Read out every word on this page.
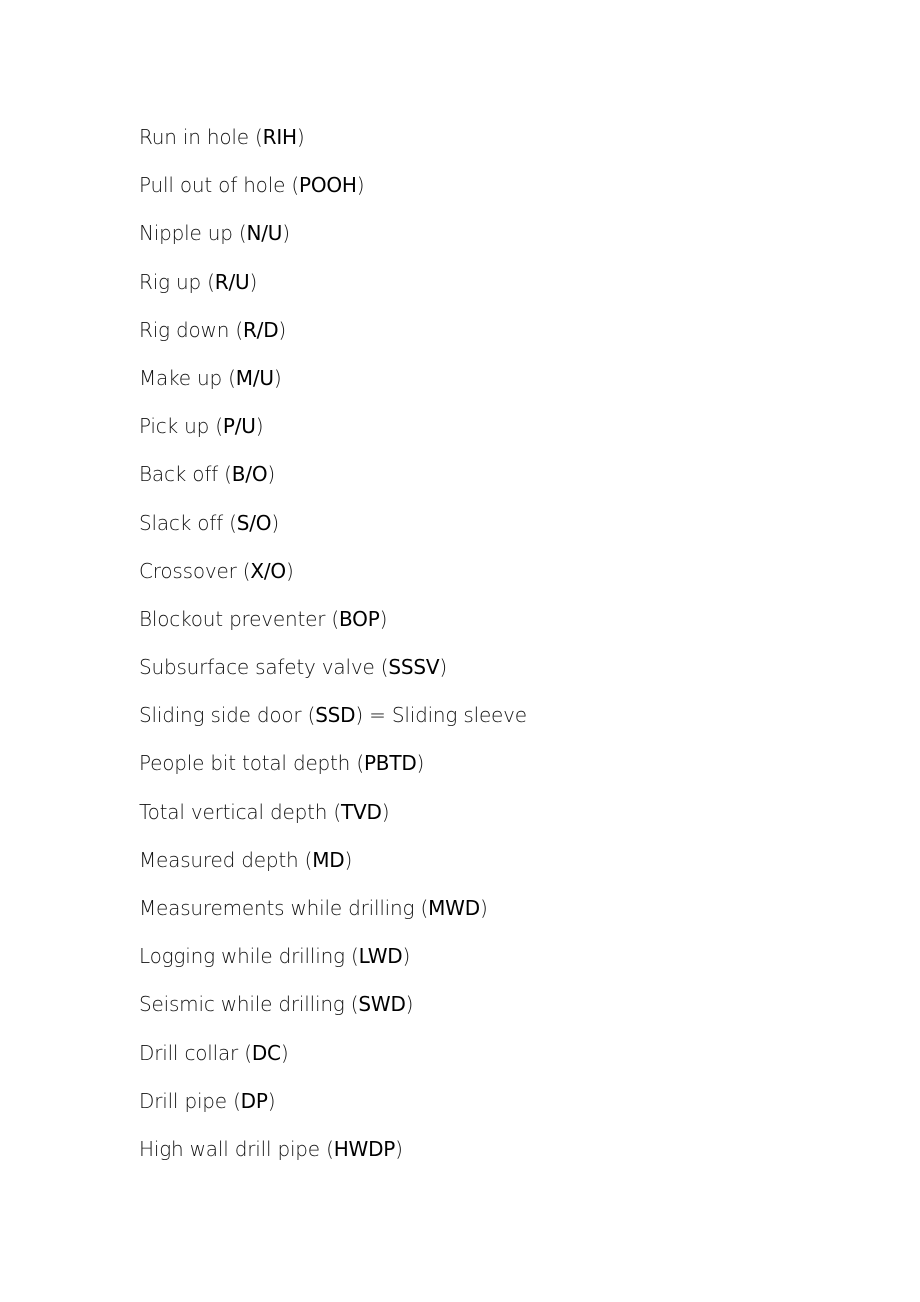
Run in hole (RIH)
Pull out of hole (POOH)
Nipple up (N/U)
Rig up (R/U)
Rig down (R/D)
Make up (M/U)
Pick up (P/U)
Back off (B/O)
Slack off (S/O)
Crossover (X/O)
Blockout preventer (BOP)
Subsurface safety valve (SSSV)
Sliding side door (SSD) = Sliding sleeve
People bit total depth (PBTD)
Total vertical depth (TVD)
Measured depth (MD)
Measurements while drilling (MWD)
Logging while drilling (LWD)
Seismic while drilling (SWD)
Drill collar (DC)
Drill pipe (DP)
High wall drill pipe (HWDP)
